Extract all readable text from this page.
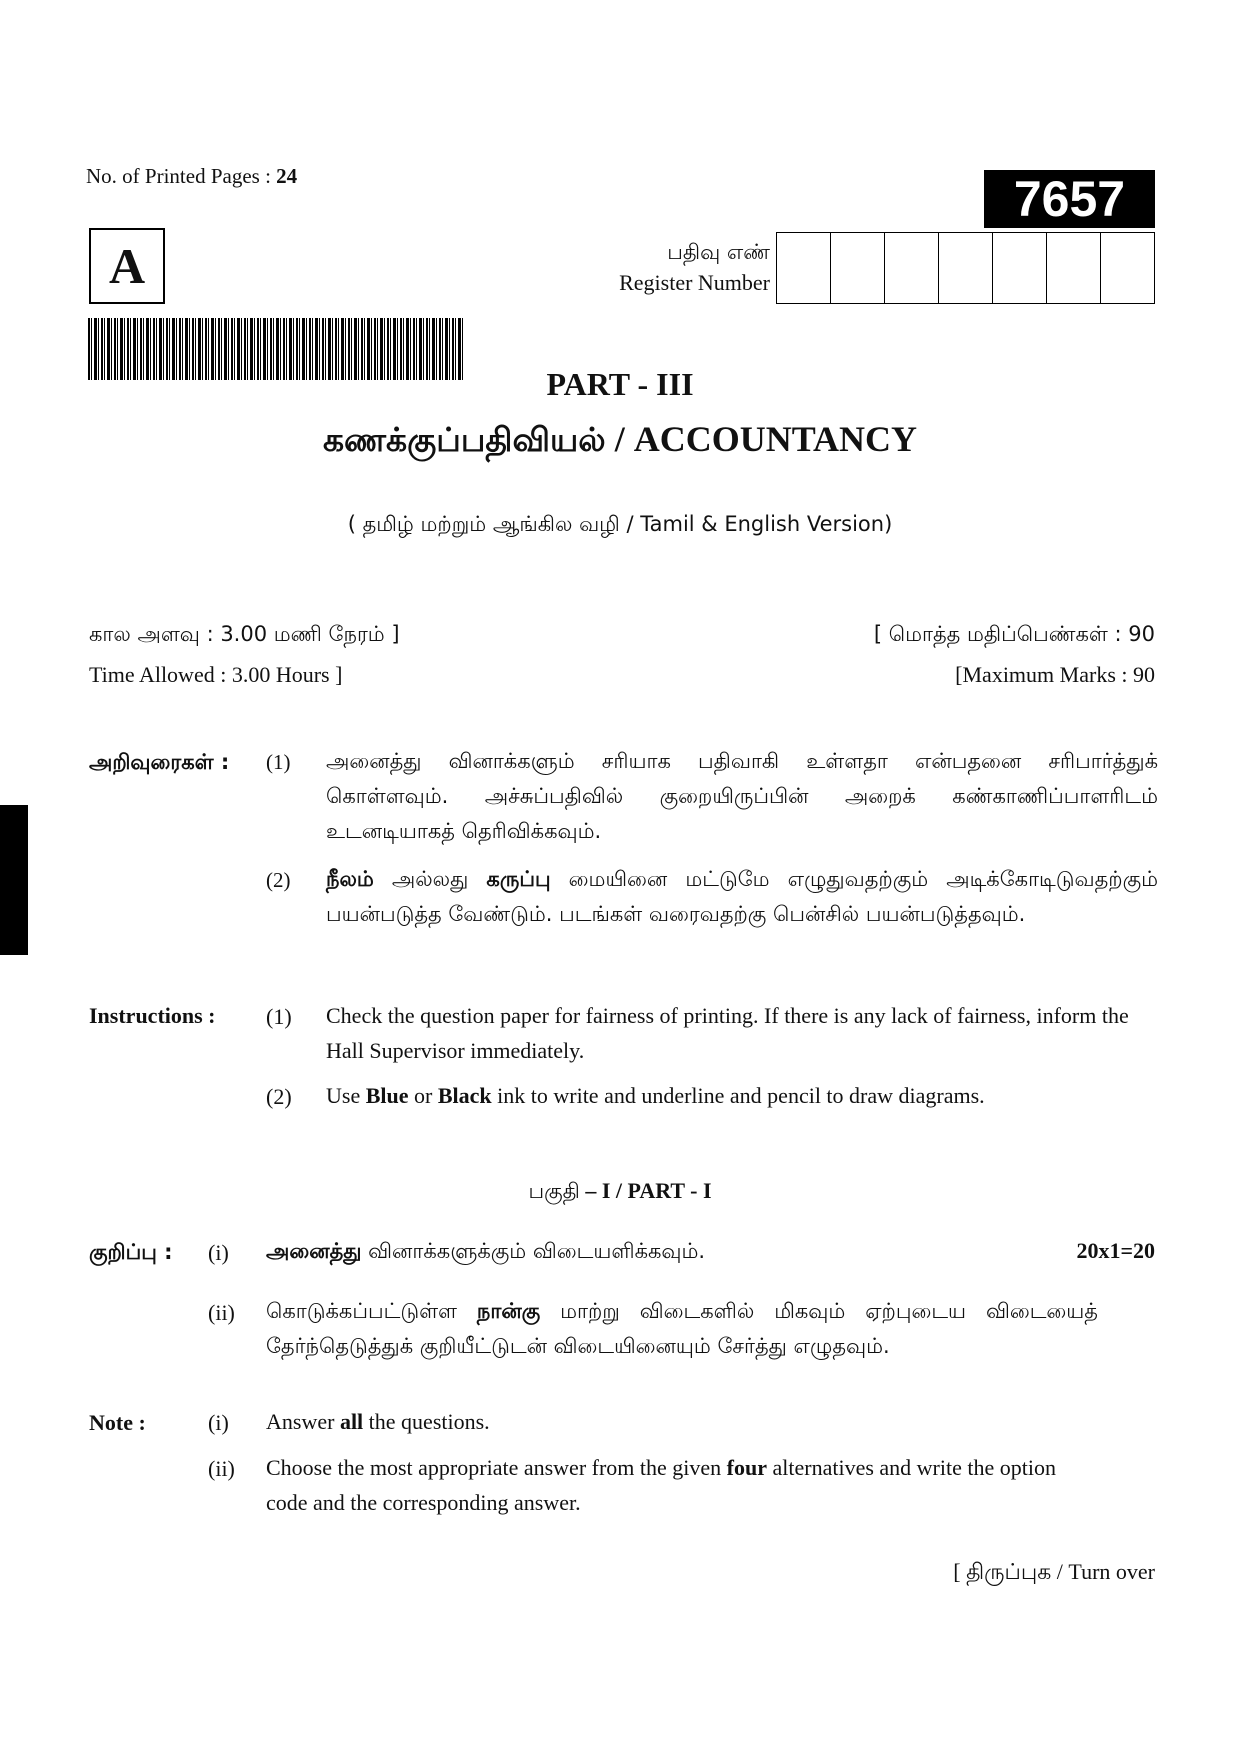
No. of Printed Pages : 24	7657
A	பதிவு எண்
Register Number
PART - III
கணக்குப்பதிவியல் / ACCOUNTANCY
( தமிழ் மற்றும் ஆங்கில வழி / Tamil & English Version)
கால அளவு : 3.00 மணி நேரம் ]
Time Allowed : 3.00 Hours ]
[ மொத்த மதிப்பெண்கள் : 90
[Maximum Marks : 90
அறிவுரைகள் : (1) அனைத்து வினாக்களும் சரியாக பதிவாகி உள்ளதா என்பதனை சரிபார்த்துக் கொள்ளவும். அச்சுப்பதிவில் குறையிருப்பின் அறைக் கண்காணிப்பாளரிடம் உடனடியாகத் தெரிவிக்கவும்.
(2) நீலம் அல்லது கருப்பு மையினை மட்டுமே எழுதுவதற்கும் அடிக்கோடிடுவதற்கும் பயன்படுத்த வேண்டும். படங்கள் வரைவதற்கு பென்சில் பயன்படுத்தவும்.
Instructions : (1) Check the question paper for fairness of printing. If there is any lack of fairness, inform the Hall Supervisor immediately.
(2) Use Blue or Black ink to write and underline and pencil to draw diagrams.
பகுதி – I / PART - I
குறிப்பு : (i) அனைத்து வினாக்களுக்கும் விடையளிக்கவும்.	20x1=20
(ii) கொடுக்கப்பட்டுள்ள நான்கு மாற்று விடைகளில் மிகவும் ஏற்புடைய விடையைத் தேர்ந்தெடுத்துக் குறியீட்டுடன் விடையினையும் சேர்த்து எழுதவும்.
Note :	(i) Answer all the questions.
(ii) Choose the most appropriate answer from the given four alternatives and write the option code and the corresponding answer.
[ திருப்புக / Turn over
